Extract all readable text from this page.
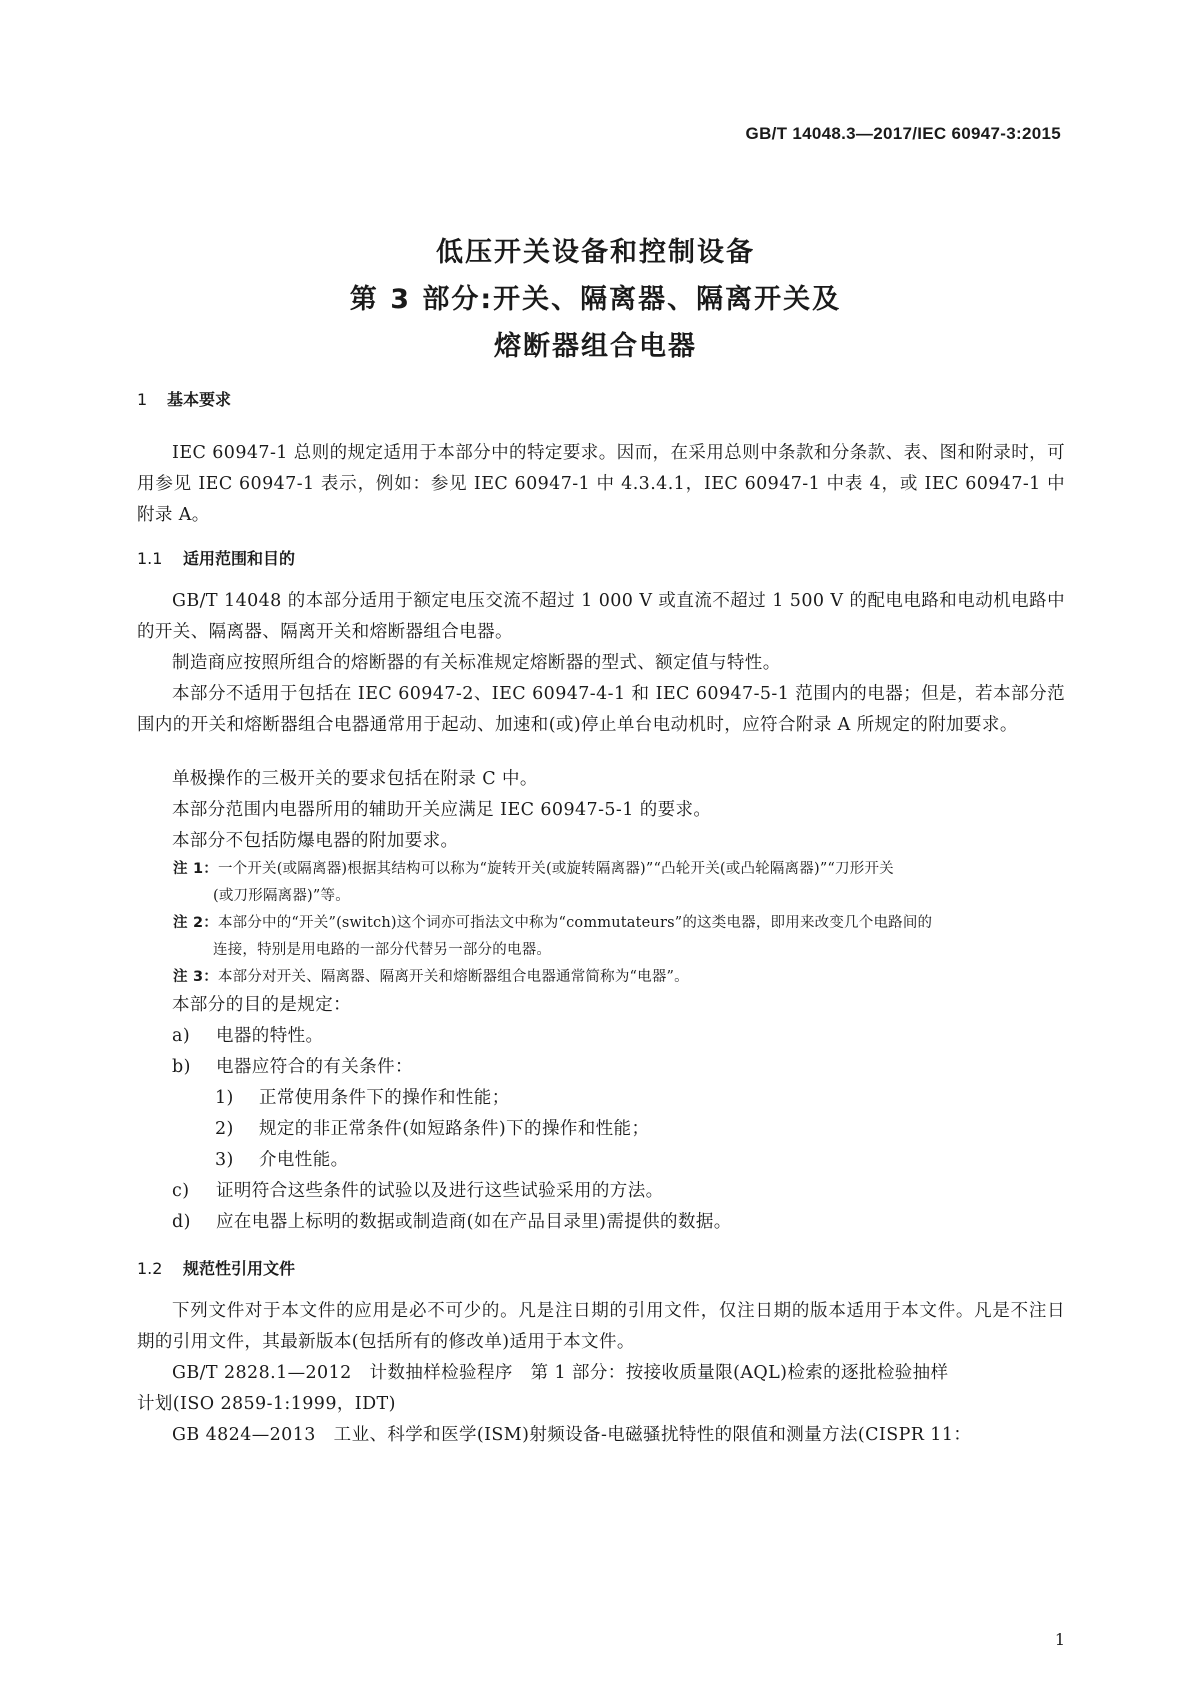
GB/T 14048.3—2017/IEC 60947-3:2015
低压开关设备和控制设备
第 3 部分:开关、隔离器、隔离开关及
熔断器组合电器
1 基本要求
IEC 60947-1 总则的规定适用于本部分中的特定要求。因而，在采用总则中条款和分条款、表、图和附录时，可用参见 IEC 60947-1 表示，例如：参见 IEC 60947-1 中 4.3.4.1，IEC 60947-1 中表 4，或 IEC 60947-1 中附录 A。
1.1 适用范围和目的
GB/T 14048 的本部分适用于额定电压交流不超过 1 000 V 或直流不超过 1 500 V 的配电电路和电动机电路中的开关、隔离器、隔离开关和熔断器组合电器。
制造商应按照所组合的熔断器的有关标准规定熔断器的型式、额定值与特性。
本部分不适用于包括在 IEC 60947-2、IEC 60947-4-1 和 IEC 60947-5-1 范围内的电器；但是，若本部分范围内的开关和熔断器组合电器通常用于起动、加速和(或)停止单台电动机时，应符合附录 A 所规定的附加要求。
单极操作的三极开关的要求包括在附录 C 中。
本部分范围内电器所用的辅助开关应满足 IEC 60947-5-1 的要求。
本部分不包括防爆电器的附加要求。
注 1：一个开关(或隔离器)根据其结构可以称为“旋转开关(或旋转隔离器)”“凸轮开关(或凸轮隔离器)”“刀形开关
(或刀形隔离器)”等。
注 2：本部分中的“开关”(switch)这个词亦可指法文中称为“commutateurs”的这类电器，即用来改变几个电路间的
连接，特别是用电路的一部分代替另一部分的电器。
注 3：本部分对开关、隔离器、隔离开关和熔断器组合电器通常简称为“电器”。
本部分的目的是规定：
a) 电器的特性。
b) 电器应符合的有关条件：
1) 正常使用条件下的操作和性能；
2) 规定的非正常条件(如短路条件)下的操作和性能；
3) 介电性能。
c) 证明符合这些条件的试验以及进行这些试验采用的方法。
d) 应在电器上标明的数据或制造商(如在产品目录里)需提供的数据。
1.2 规范性引用文件
下列文件对于本文件的应用是必不可少的。凡是注日期的引用文件，仅注日期的版本适用于本文件。凡是不注日期的引用文件，其最新版本(包括所有的修改单)适用于本文件。
GB/T 2828.1—2012　计数抽样检验程序　第 1 部分：按接收质量限(AQL)检索的逐批检验抽样
计划(ISO 2859-1:1999，IDT)
GB 4824—2013　工业、科学和医学(ISM)射频设备-电磁骚扰特性的限值和测量方法(CISPR 11：
1
